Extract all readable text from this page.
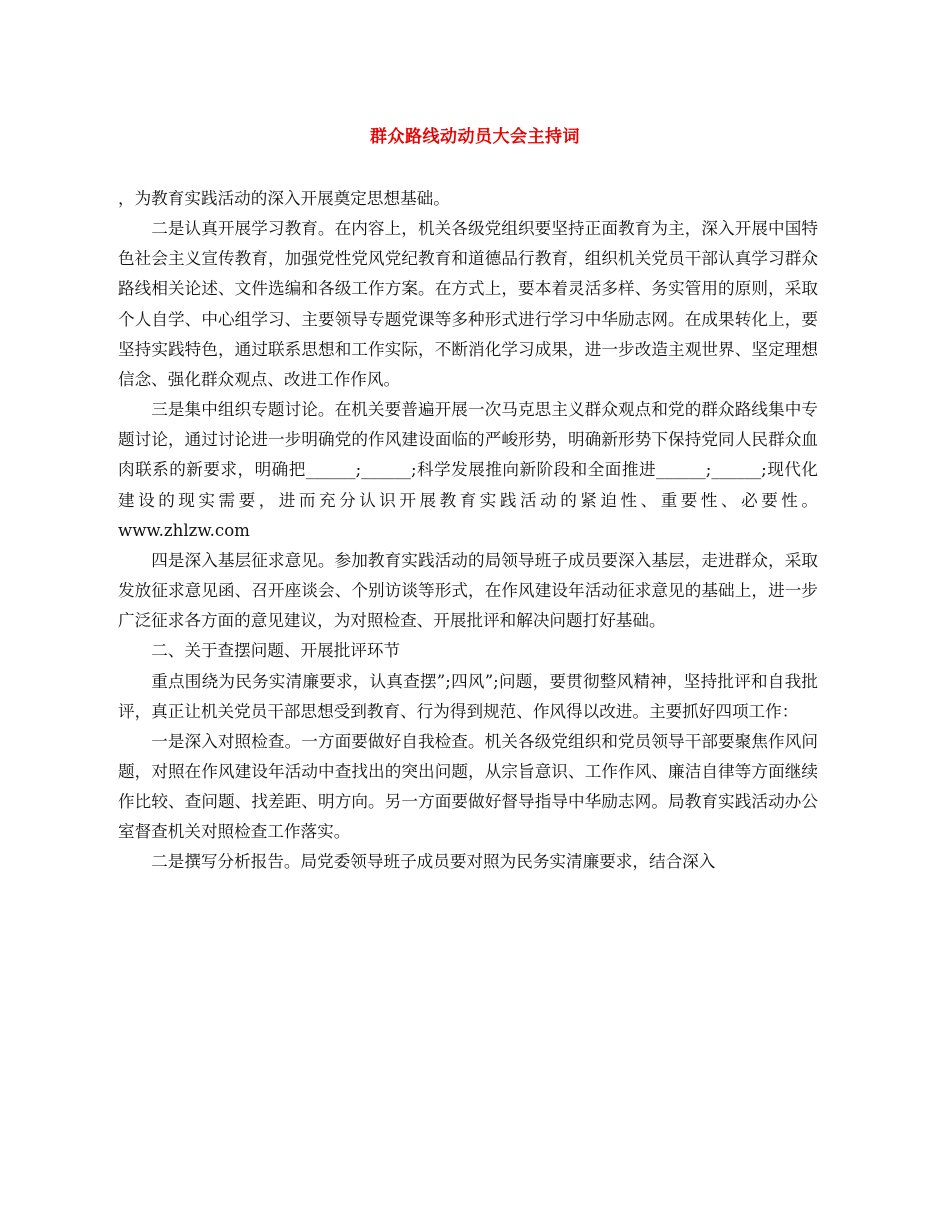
群众路线动动员大会主持词

，为教育实践活动的深入开展奠定思想基础。

二是认真开展学习教育。在内容上，机关各级党组织要坚持正面教育为主，深入开展中国特色社会主义宣传教育，加强党性党风党纪教育和道德品行教育，组织机关党员干部认真学习群众路线相关论述、文件选编和各级工作方案。在方式上，要本着灵活多样、务实管用的原则，采取个人自学、中心组学习、主要领导专题党课等多种形式进行学习中华励志网。在成果转化上，要坚持实践特色，通过联系思想和工作实际，不断消化学习成果，进一步改造主观世界、坚定理想信念、强化群众观点、改进工作作风。

三是集中组织专题讨论。在机关要普遍开展一次马克思主义群众观点和党的群众路线集中专题讨论，通过讨论进一步明确党的作风建设面临的严峻形势，明确新形势下保持党同人民群众血肉联系的新要求，明确把______;______;科学发展推向新阶段和全面推进______;______;现代化建设的现实需要，进而充分认识开展教育实践活动的紧迫性、重要性、必要性。www.zhlzw.com

四是深入基层征求意见。参加教育实践活动的局领导班子成员要深入基层，走进群众，采取发放征求意见函、召开座谈会、个别访谈等形式，在作风建设年活动征求意见的基础上，进一步广泛征求各方面的意见建议，为对照检查、开展批评和解决问题打好基础。

二、关于查摆问题、开展批评环节

重点围绕为民务实清廉要求，认真查摆”;四风”;问题，要贯彻整风精神，坚持批评和自我批评，真正让机关党员干部思想受到教育、行为得到规范、作风得以改进。主要抓好四项工作：

一是深入对照检查。一方面要做好自我检查。机关各级党组织和党员领导干部要聚焦作风问题，对照在作风建设年活动中查找出的突出问题，从宗旨意识、工作作风、廉洁自律等方面继续作比较、查问题、找差距、明方向。另一方面要做好督导指导中华励志网。局教育实践活动办公室督查机关对照检查工作落实。

二是撰写分析报告。局党委领导班子成员要对照为民务实清廉要求，结合深入
